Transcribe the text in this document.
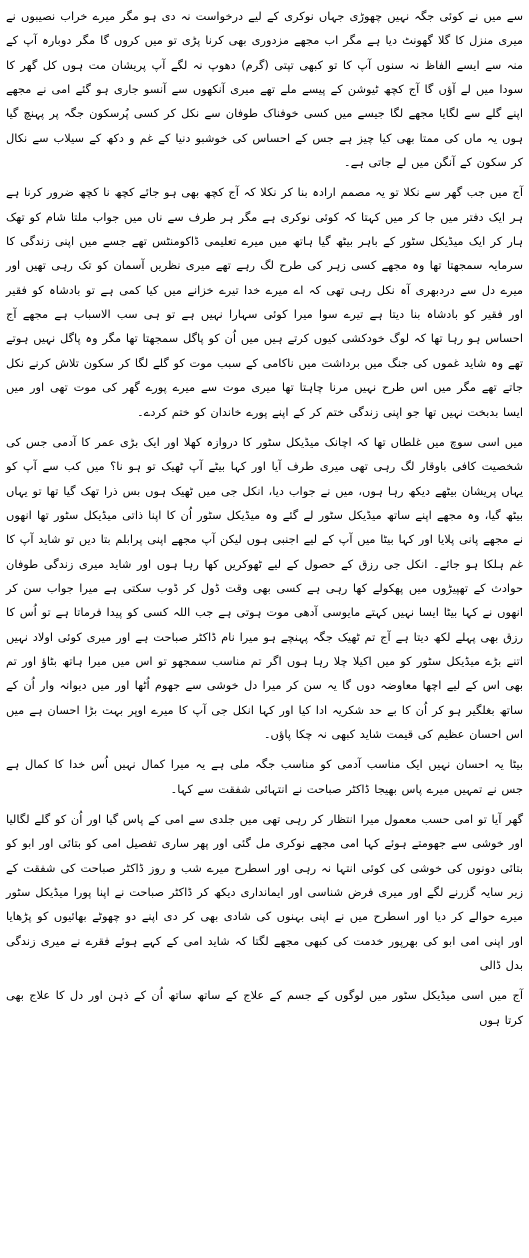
سے میں نے کوئی جگہ نہیں چھوڑی جہاں نوکری کے لیے درخواست نہ دی ہو مگر میرے خراب نصیبوں نے میری منزل کا گلا گھونٹ دیا ہے مگر اب مجھے مزدوری بھی کرنا پڑی تو میں کروں گا مگر دوبارہ آپ کے منہ سے ایسے الفاظ نہ سنوں آپ کا تو کبھی تپتی (گرم) دھوپ نہ لگے آپ پریشان مت ہوں کل گھر کا سودا میں لے آؤں گا آج کچھ ٹیوشن کے پیسے ملے تھے میری آنکھوں سے آنسو جاری ہو گئے امی نے مجھے اپنے گلے سے لگایا مجھے لگا جیسے میں کسی خوفناک طوفان سے نکل کر کسی پُرسکون جگہ پر پہنچ گیا ہوں یہ ماں کی ممتا بھی کیا چیز ہے جس کے احساس کی خوشبو دنیا کے غم و دکھ کے سیلاب سے نکال کر سکون کے آنگن میں لے جاتی ہے۔

آج میں جب گھر سے نکلا تو یہ مصمم ارادہ بنا کر نکلا کہ آج کچھ بھی ہو جائے کچھ نا کچھ ضرور کرنا ہے ہر ایک دفتر میں جا کر میں کہتا کہ کوئی نوکری ہے مگر ہر طرف سے ناں میں جواب ملتا شام کو تھک ہار کر ایک میڈیکل سٹور کے باہر بیٹھ گیا ہاتھ میں میرے تعلیمی ڈاکومنٹس تھے جسے میں اپنی زندگی کا سرمایہ سمجھتا تھا وہ مجھے کسی زہر کی طرح لگ رہے تھے میری نظریں آسمان کو تک رہی تھیں اور میرے دل سے دردبھری آہ نکل رہی تھی کہ اے میرے خدا تیرے خزانے میں کیا کمی ہے تو بادشاہ کو فقیر اور فقیر کو بادشاہ بنا دیتا ہے تیرے سوا میرا کوئی سہارا نہیں ہے تو ہی سب الاسباب ہے مجھے آج احساس ہو رہا تھا کہ لوگ خودکشی کیوں کرتے ہیں میں اُن کو پاگل سمجھتا تھا مگر وہ پاگل نہیں ہوتے تھے وہ شاید غموں کی جنگ میں برداشت میں ناکامی کے سبب موت کو گلے لگا کر سکون تلاش کرنے نکل جاتے تھے مگر میں اس طرح نہیں مرنا چاہتا تھا میری موت سے میرے پورے گھر کی موت تھی اور میں ایسا بدبخت نہیں تھا جو اپنی زندگی ختم کر کے اپنے پورے خاندان کو ختم کردے۔

میں اسی سوچ میں غلطاں تھا کہ اچانک میڈیکل سٹور کا دروازہ کھلا اور ایک بڑی عمر کا آدمی جس کی شخصیت کافی باوقار لگ رہی تھی میری طرف آیا اور کہا بیٹے آپ ٹھیک تو ہو نا؟ میں کب سے آپ کو یہاں پریشان بیٹھے دیکھ رہا ہوں، میں نے جواب دیا، انکل جی میں ٹھیک ہوں بس ذرا تھک گیا تھا تو یہاں بیٹھ گیا، وہ مجھے اپنے ساتھ میڈیکل سٹور لے گئے وہ میڈیکل سٹور اُن کا اپنا ذاتی میڈیکل سٹور تھا انھوں نے مجھے پانی پلایا اور کہا بیٹا میں آپ کے لیے اجنبی ہوں لیکن آپ مجھے اپنی پرابلم بتا دیں تو شاید آپ کا غم ہلکا ہو جائے۔ انکل جی رزق کے حصول کے لیے ٹھوکریں کھا رہا ہوں اور شاید میری زندگی طوفان حوادث کے تھپیڑوں میں پھکولے کھا رہی ہے کسی بھی وقت ڈول کر ڈوب سکتی ہے میرا جواب سن کر انھوں نے کہا بیٹا ایسا نہیں کہتے مایوسی آدھی موت ہوتی ہے جب اللہ کسی کو پیدا فرماتا ہے تو اُس کا رزق بھی پہلے لکھ دیتا ہے آج تم ٹھیک جگہ پہنچے ہو میرا نام ڈاکٹر صباحت ہے اور میری کوئی اولاد نہیں اتنے بڑے میڈیکل سٹور کو میں اکیلا چلا رہا ہوں اگر تم مناسب سمجھو تو اس میں میرا ہاتھ بٹاؤ اور تم بھی اس کے لیے اچھا معاوضہ دوں گا یہ سن کر میرا دل خوشی سے جھوم اُٹھا اور میں دیوانہ وار اُن کے ساتھ بغلگیر ہو کر اُن کا بے حد شکریہ ادا کیا اور کہا انکل جی آپ کا میرے اوپر بہت بڑا احسان ہے میں اس احسان عظیم کی قیمت شاید کبھی نہ چکا پاؤں۔

بیٹا یہ احسان نہیں ایک مناسب آدمی کو مناسب جگہ ملی ہے یہ میرا کمال نہیں اُس خدا کا کمال ہے جس نے تمہیں میرے پاس بھیجا ڈاکٹر صباحت نے انتہائی شفقت سے کہا۔

گھر آیا تو امی حسب معمول میرا انتظار کر رہی تھی میں جلدی سے امی کے پاس گیا اور اُن کو گلے لگالیا اور خوشی سے جھومتے ہوئے کہا امی مجھے نوکری مل گئی اور پھر ساری تفصیل امی کو بتائی اور ابو کو بتائی دونوں کی خوشی کی کوئی انتہا نہ رہی اور اسطرح میرے شب و روز ڈاکٹر صباحت کی شفقت کے زیر سایہ گزرنے لگے اور میری فرض شناسی اور ایمانداری دیکھ کر ڈاکٹر صباحت نے اپنا پورا میڈیکل سٹور میرے حوالے کر دیا اور اسطرح میں نے اپنی بہنوں کی شادی بھی کر دی اپنے دو چھوٹے بھائیوں کو پڑھایا اور اپنی امی ابو کی بھرپور خدمت کی کبھی مجھے لگتا کہ شاید امی کے کہے ہوئے فقرے نے میری زندگی بدل ڈالی

آج میں اسی میڈیکل سٹور میں لوگوں کے جسم کے علاج کے ساتھ ساتھ اُن کے ذہن اور دل کا علاج بھی کرتا ہوں
